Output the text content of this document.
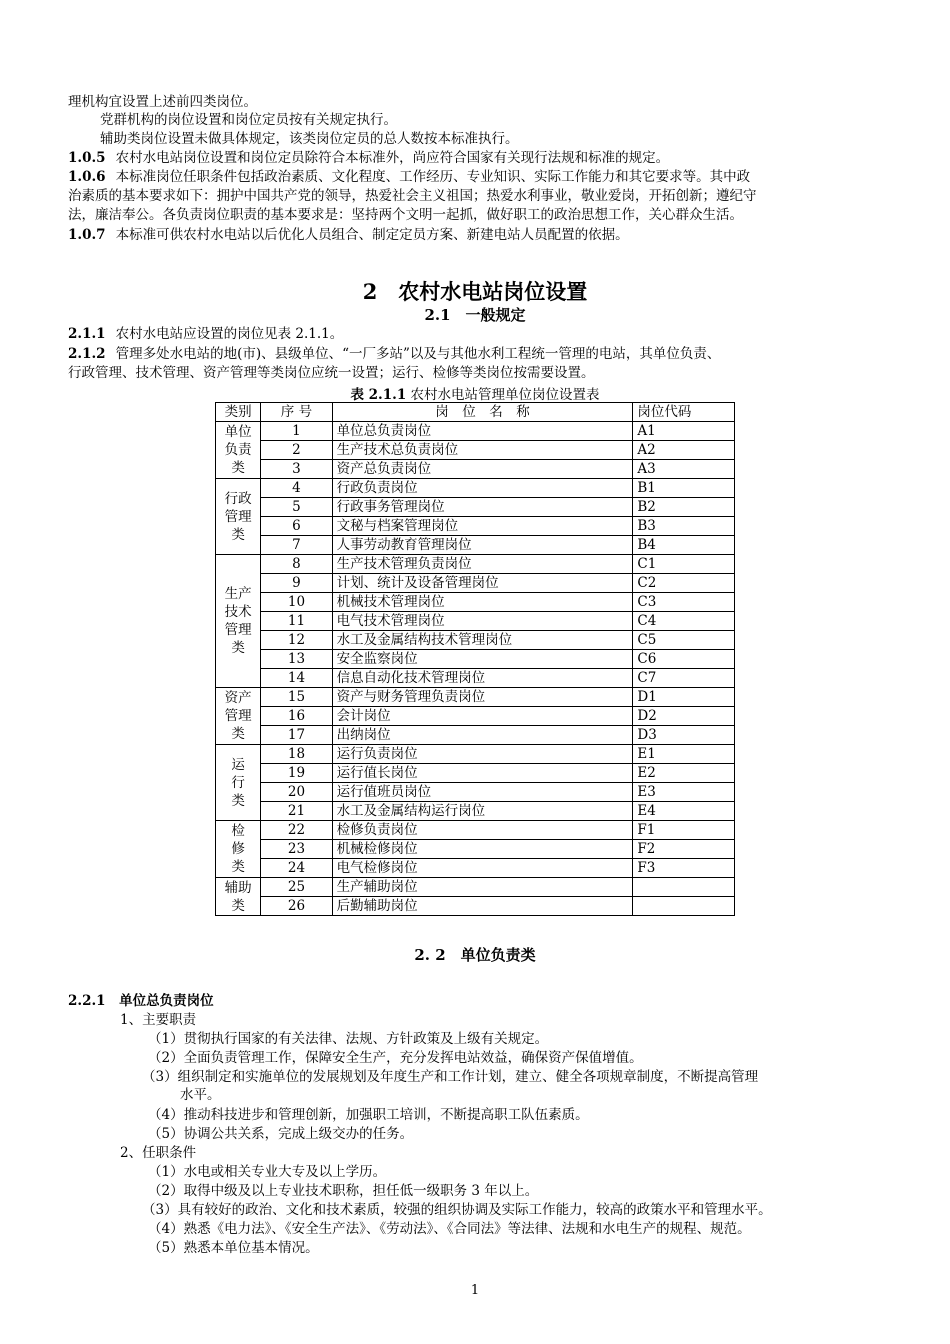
理机构宜设置上述前四类岗位。
党群机构的岗位设置和岗位定员按有关规定执行。
辅助类岗位设置未做具体规定，该类岗位定员的总人数按本标准执行。
1.0.5 农村水电站岗位设置和岗位定员除符合本标准外，尚应符合国家有关现行法规和标准的规定。
1.0.6 本标准岗位任职条件包括政治素质、文化程度、工作经历、专业知识、实际工作能力和其它要求等。其中政
治素质的基本要求如下：拥护中国共产党的领导，热爱社会主义祖国；热爱水利事业，敬业爱岗，开拓创新；遵纪守
法，廉洁奉公。各负责岗位职责的基本要求是：坚持两个文明一起抓，做好职工的政治思想工作，关心群众生活。
1.0.7 本标准可供农村水电站以后优化人员组合、制定定员方案、新建电站人员配置的依据。
2　农村水电站岗位设置
2.1　一般规定
2.1.1 农村水电站应设置的岗位见表 2.1.1。
2.1.2 管理多处水电站的地(市)、县级单位、“一厂多站”以及与其他水利工程统一管理的电站，其单位负责、
行政管理、技术管理、资产管理等类岗位应统一设置；运行、检修等类岗位按需要设置。
表 2.1.1 农村水电站管理单位岗位设置表
类别	序 号	岗　位　名　称	岗位代码
单位
负责
类	1	单位总负责岗位	A1
	2	生产技术总负责岗位	A2
	3	资产总负责岗位	A3
行政
管理
类	4	行政负责岗位	B1
	5	行政事务管理岗位	B2
	6	文秘与档案管理岗位	B3
	7	人事劳动教育管理岗位	B4
生产
技术
管理
类	8	生产技术管理负责岗位	C1
	9	计划、统计及设备管理岗位	C2
	10	机械技术管理岗位	C3
	11	电气技术管理岗位	C4
	12	水工及金属结构技术管理岗位	C5
	13	安全监察岗位	C6
	14	信息自动化技术管理岗位	C7
资产
管理
类	15	资产与财务管理负责岗位	D1
	16	会计岗位	D2
	17	出纳岗位	D3
运
行
类	18	运行负责岗位	E1
	19	运行值长岗位	E2
	20	运行值班员岗位	E3
	21	水工及金属结构运行岗位	E4
检
修
类	22	检修负责岗位	F1
	23	机械检修岗位	F2
	24	电气检修岗位	F3
辅助
类	25	生产辅助岗位	
	26	后勤辅助岗位	
2. 2　单位负责类
2.2.1　单位总负责岗位
1、主要职责
（1）贯彻执行国家的有关法律、法规、方针政策及上级有关规定。
（2）全面负责管理工作，保障安全生产，充分发挥电站效益，确保资产保值增值。
（3）组织制定和实施单位的发展规划及年度生产和工作计划，建立、健全各项规章制度，不断提高管理
水平。
（4）推动科技进步和管理创新，加强职工培训，不断提高职工队伍素质。
（5）协调公共关系，完成上级交办的任务。
2、任职条件
（1）水电或相关专业大专及以上学历。
（2）取得中级及以上专业技术职称，担任低一级职务 3 年以上。
（3）具有较好的政治、文化和技术素质，较强的组织协调及实际工作能力，较高的政策水平和管理水平。
（4）熟悉《电力法》、《安全生产法》、《劳动法》、《合同法》等法律、法规和水电生产的规程、规范。
（5）熟悉本单位基本情况。
1
